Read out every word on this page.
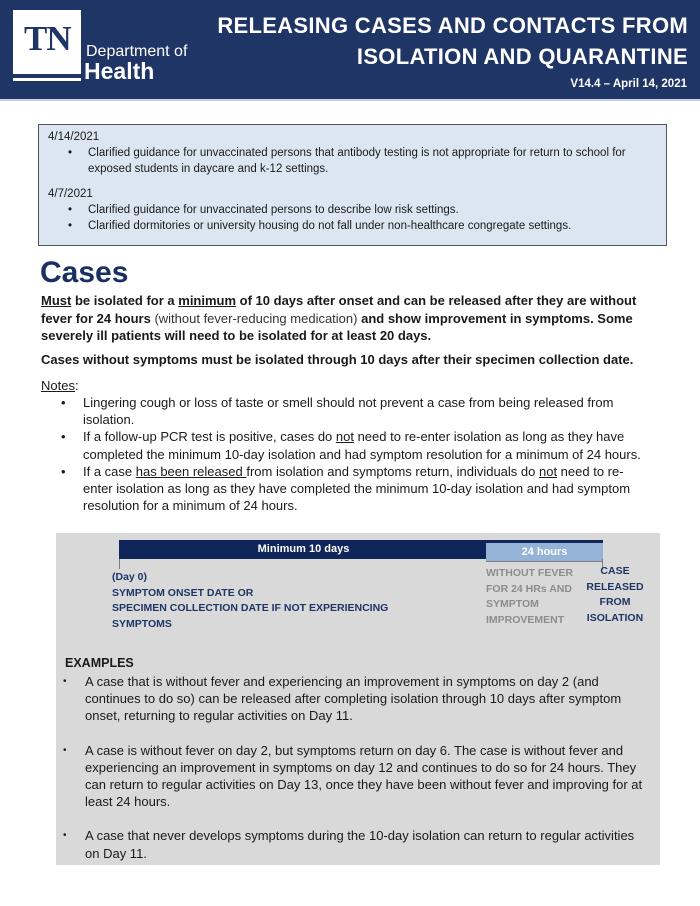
TN Department of
Health
RELEASING CASES AND CONTACTS FROM
ISOLATION AND QUARANTINE
V14.4 – April 14, 2021
4/14/2021
• Clarified guidance for unvaccinated persons that antibody testing is not appropriate for return to school for exposed students in daycare and k-12 settings.
4/7/2021
• Clarified guidance for unvaccinated persons to describe low risk settings.
• Clarified dormitories or university housing do not fall under non-healthcare congregate settings.
Cases

Must be isolated for a minimum of 10 days after onset and can be released after they are without fever for 24 hours (without fever-reducing medication) and show improvement in symptoms. Some severely ill patients will need to be isolated for at least 20 days.

Cases without symptoms must be isolated through 10 days after their specimen collection date.

Notes:
• Lingering cough or loss of taste or smell should not prevent a case from being released from isolation.
• If a follow-up PCR test is positive, cases do not need to re-enter isolation as long as they have completed the minimum 10-day isolation and had symptom resolution for a minimum of 24 hours.
• If a case has been released from isolation and symptoms return, individuals do not need to re-enter isolation as long as they have completed the minimum 10-day isolation and had symptom resolution for a minimum of 24 hours.
Minimum 10 days	24 hours
(Day 0)
SYMPTOM ONSET DATE OR
SPECIMEN COLLECTION DATE IF NOT EXPERIENCING
SYMPTOMS
WITHOUT FEVER
FOR 24 HRs AND
SYMPTOM
IMPROVEMENT
CASE
RELEASED
FROM
ISOLATION
EXAMPLES
• A case that is without fever and experiencing an improvement in symptoms on day 2 (and continues to do so) can be released after completing isolation through 10 days after symptom onset, returning to regular activities on Day 11.
• A case is without fever on day 2, but symptoms return on day 6. The case is without fever and experiencing an improvement in symptoms on day 12 and continues to do so for 24 hours. They can return to regular activities on Day 13, once they have been without fever and improving for at least 24 hours.
• A case that never develops symptoms during the 10-day isolation can return to regular activities on Day 11.
